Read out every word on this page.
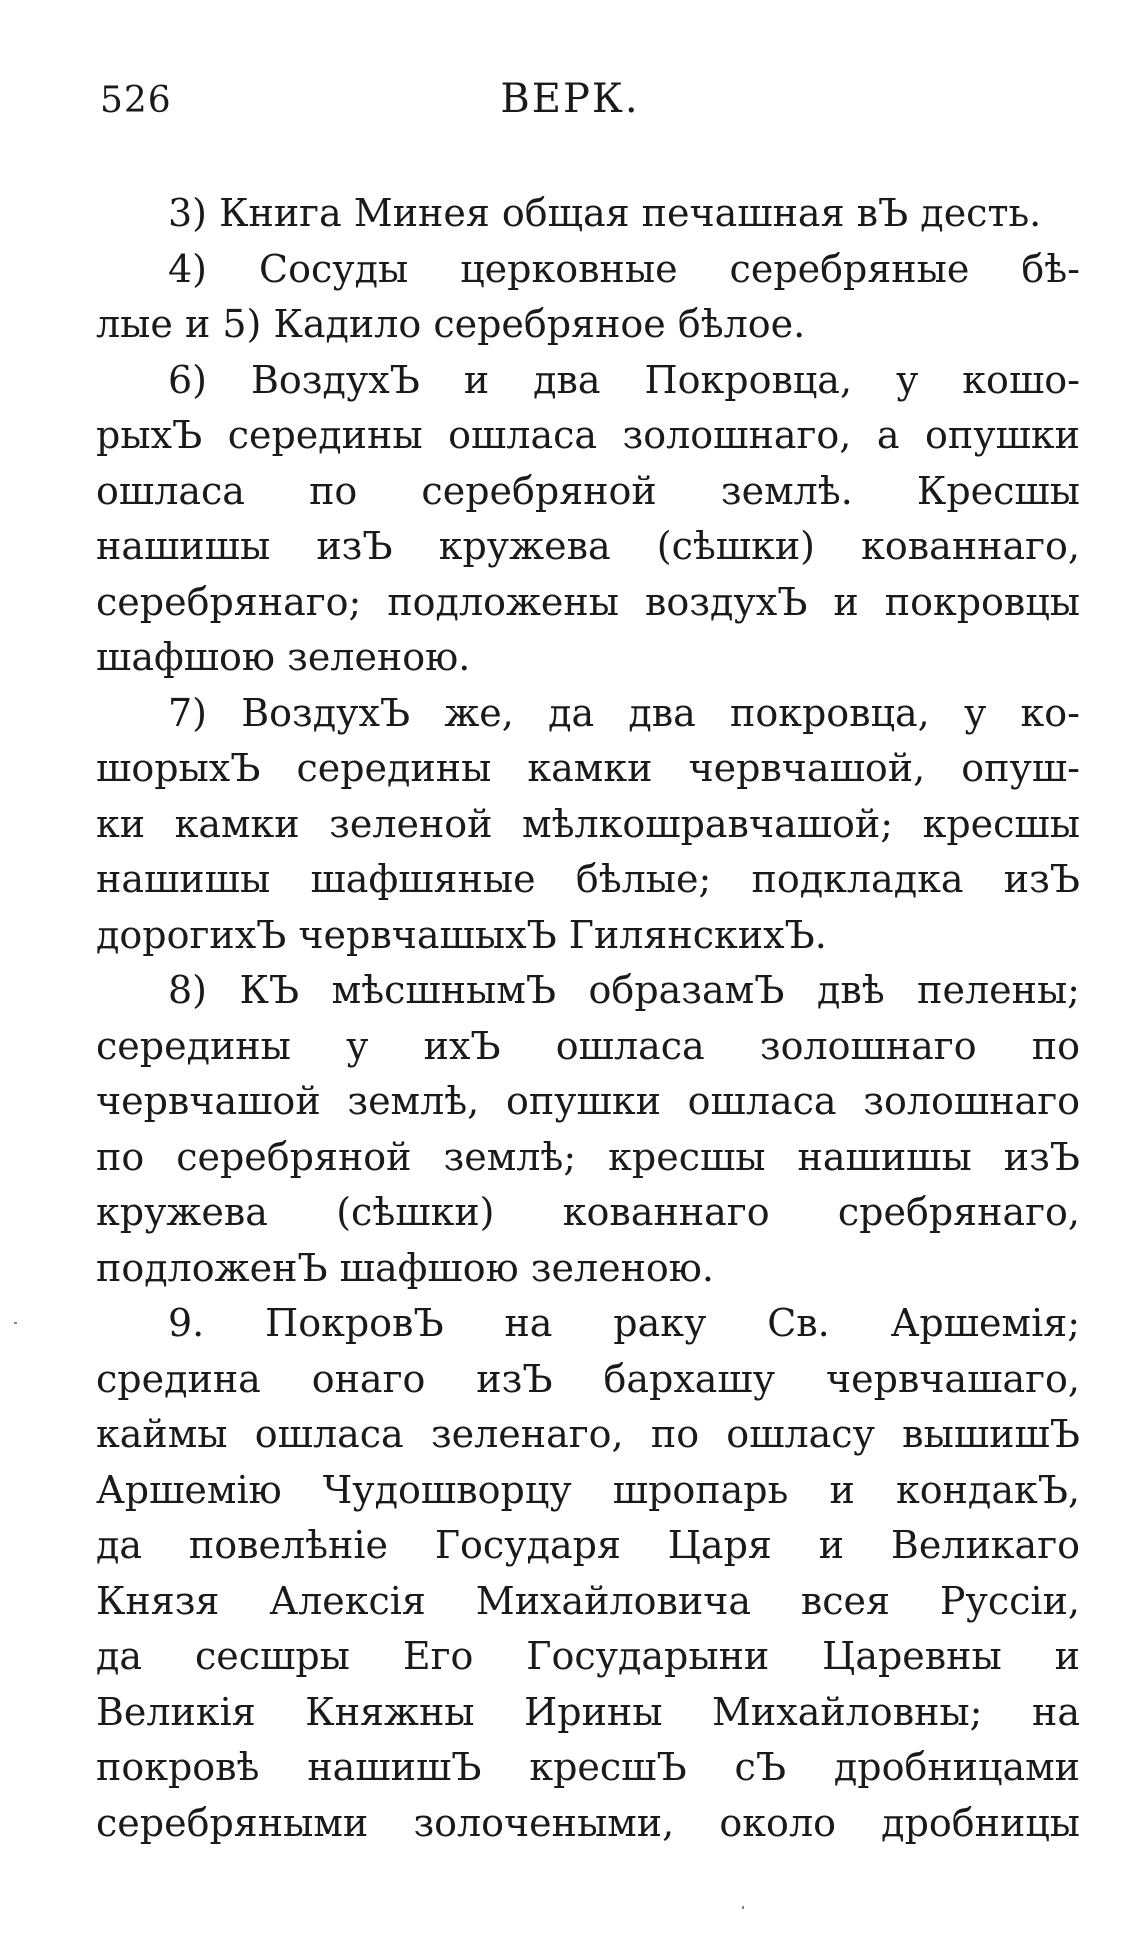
526	ВЕРК.
3) Книга Минея общая печашная вЪ десть.
4) Сосуды церковные серебряные бѣ-
лые и 5) Кадило серебряное бѣлое.
6) ВоздухЪ и два Покровца, у кошо-
рыхЪ середины ошласа золошнаго, а опушки
ошласа по серебряной землѣ. Кресшы
нашишы изЪ кружева (сѣшки) кованнаго,
серебрянаго; подложены воздухЪ и покровцы
шафшою зеленою.
7) ВоздухЪ же, да два покровца, у ко-
шорыхЪ середины камки червчашой, опуш-
ки камки зеленой мѣлкошравчашой; кресшы
нашишы шафшяные бѣлые; подкладка изЪ
дорогихЪ червчашыхЪ ГилянскихЪ.
8) КЪ мѣсшнымЪ образамЪ двѣ пелены;
середины у ихЪ ошласа золошнаго по
червчашой землѣ, опушки ошласа золошнаго
по серебряной землѣ; кресшы нашишы изЪ
кружева (сѣшки) кованнаго сребрянаго,
подложенЪ шафшою зеленою.
9. ПокровЪ на раку Св. Аршемія;
средина онаго изЪ бархашу червчашаго,
каймы ошласа зеленаго, по ошласу вышишЪ
Аршемію Чудошворцу шропарь и кондакЪ,
да повелѣніе Государя Царя и Великаго
Князя Алексія Михайловича всея Руссіи,
да сесшры Его Государыни Царевны и
Великія Княжны Ирины Михайловны; на
покровѣ нашишЪ кресшЪ сЪ дробницами
серебряными золочеными, около дробницы
